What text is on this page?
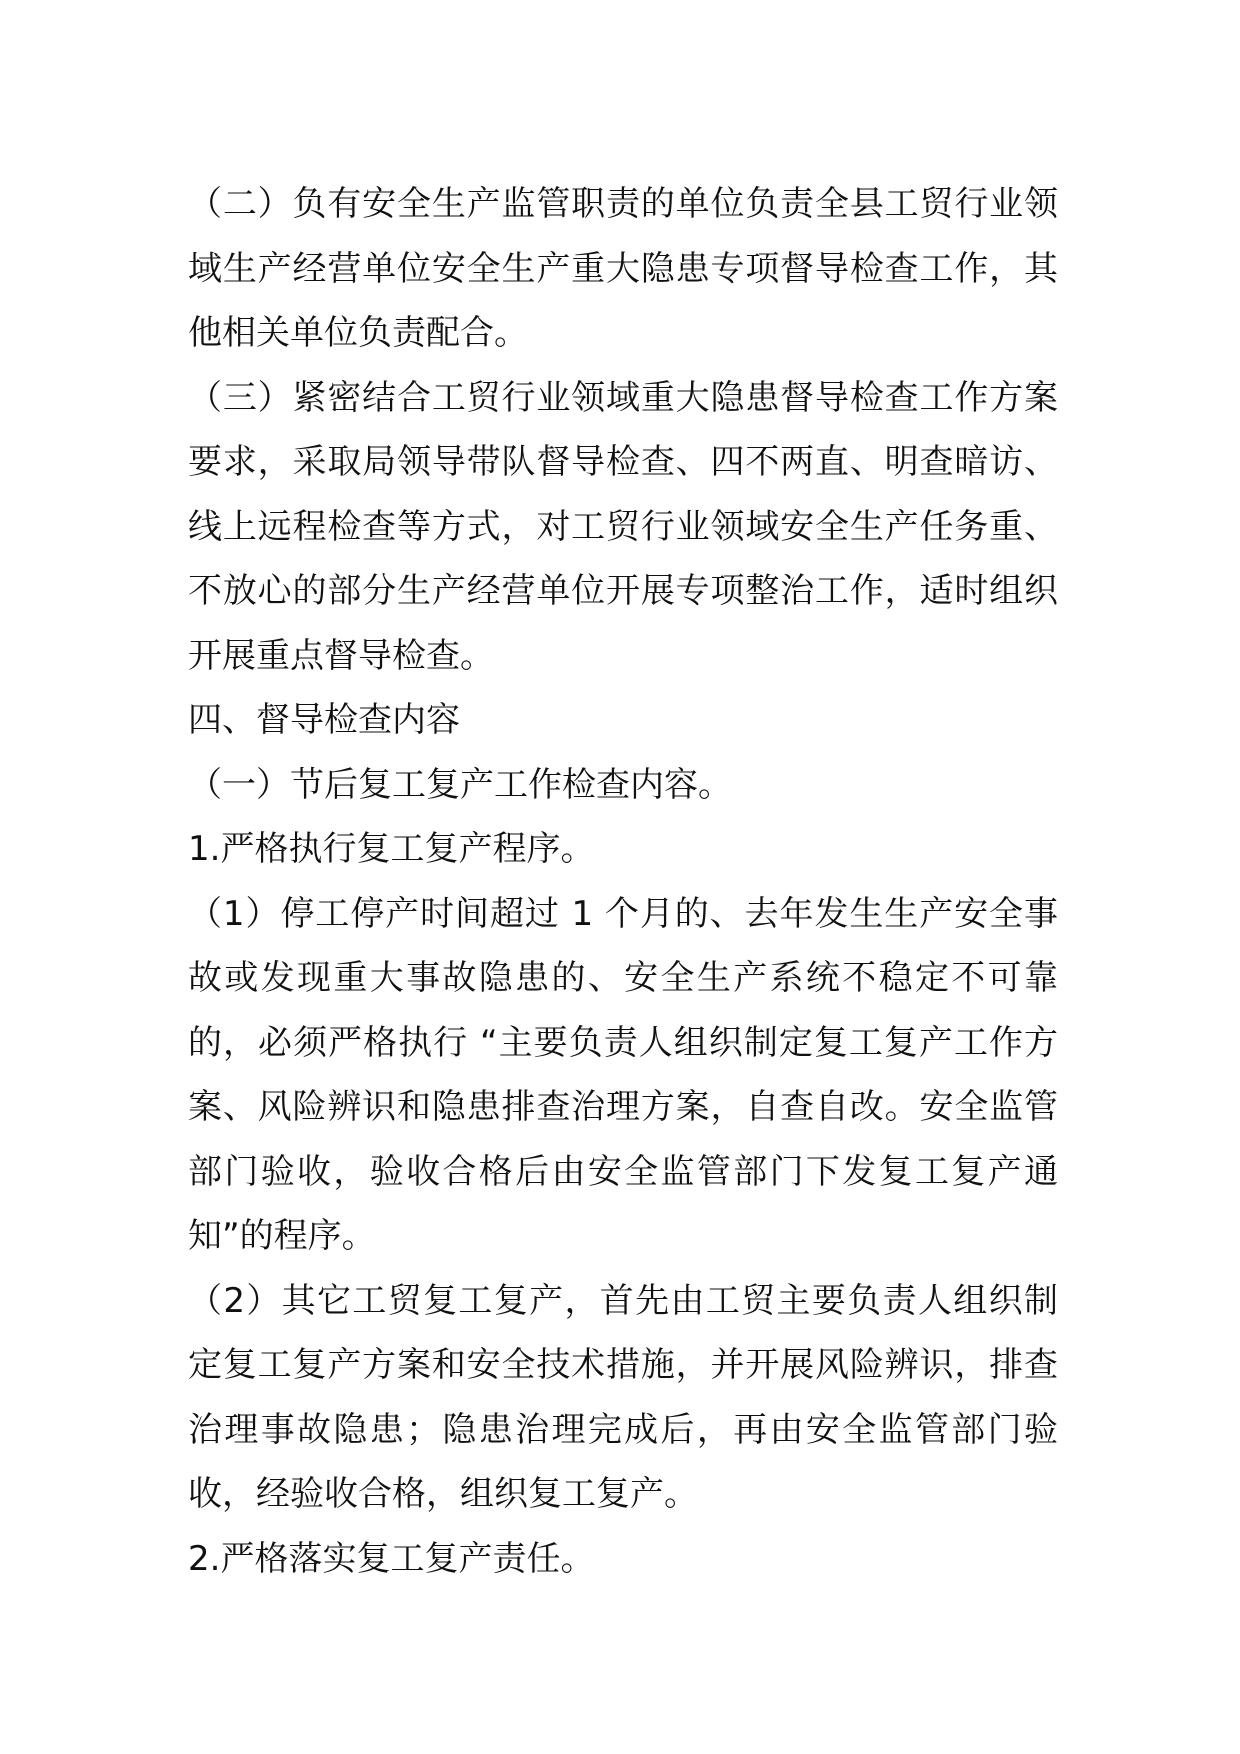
（二）负有安全生产监管职责的单位负责全县工贸行业领域生产经营单位安全生产重大隐患专项督导检查工作，其他相关单位负责配合。

（三）紧密结合工贸行业领域重大隐患督导检查工作方案要求，采取局领导带队督导检查、四不两直、明查暗访、线上远程检查等方式，对工贸行业领域安全生产任务重、不放心的部分生产经营单位开展专项整治工作，适时组织开展重点督导检查。

四、督导检查内容

（一）节后复工复产工作检查内容。

1.严格执行复工复产程序。

（1）停工停产时间超过 1 个月的、去年发生生产安全事故或发现重大事故隐患的、安全生产系统不稳定不可靠的，必须严格执行 “主要负责人组织制定复工复产工作方案、风险辨识和隐患排查治理方案，自查自改。安全监管部门验收，验收合格后由安全监管部门下发复工复产通知”的程序。

（2）其它工贸复工复产，首先由工贸主要负责人组织制定复工复产方案和安全技术措施，并开展风险辨识，排查治理事故隐患；隐患治理完成后，再由安全监管部门验收，经验收合格，组织复工复产。

2.严格落实复工复产责任。
